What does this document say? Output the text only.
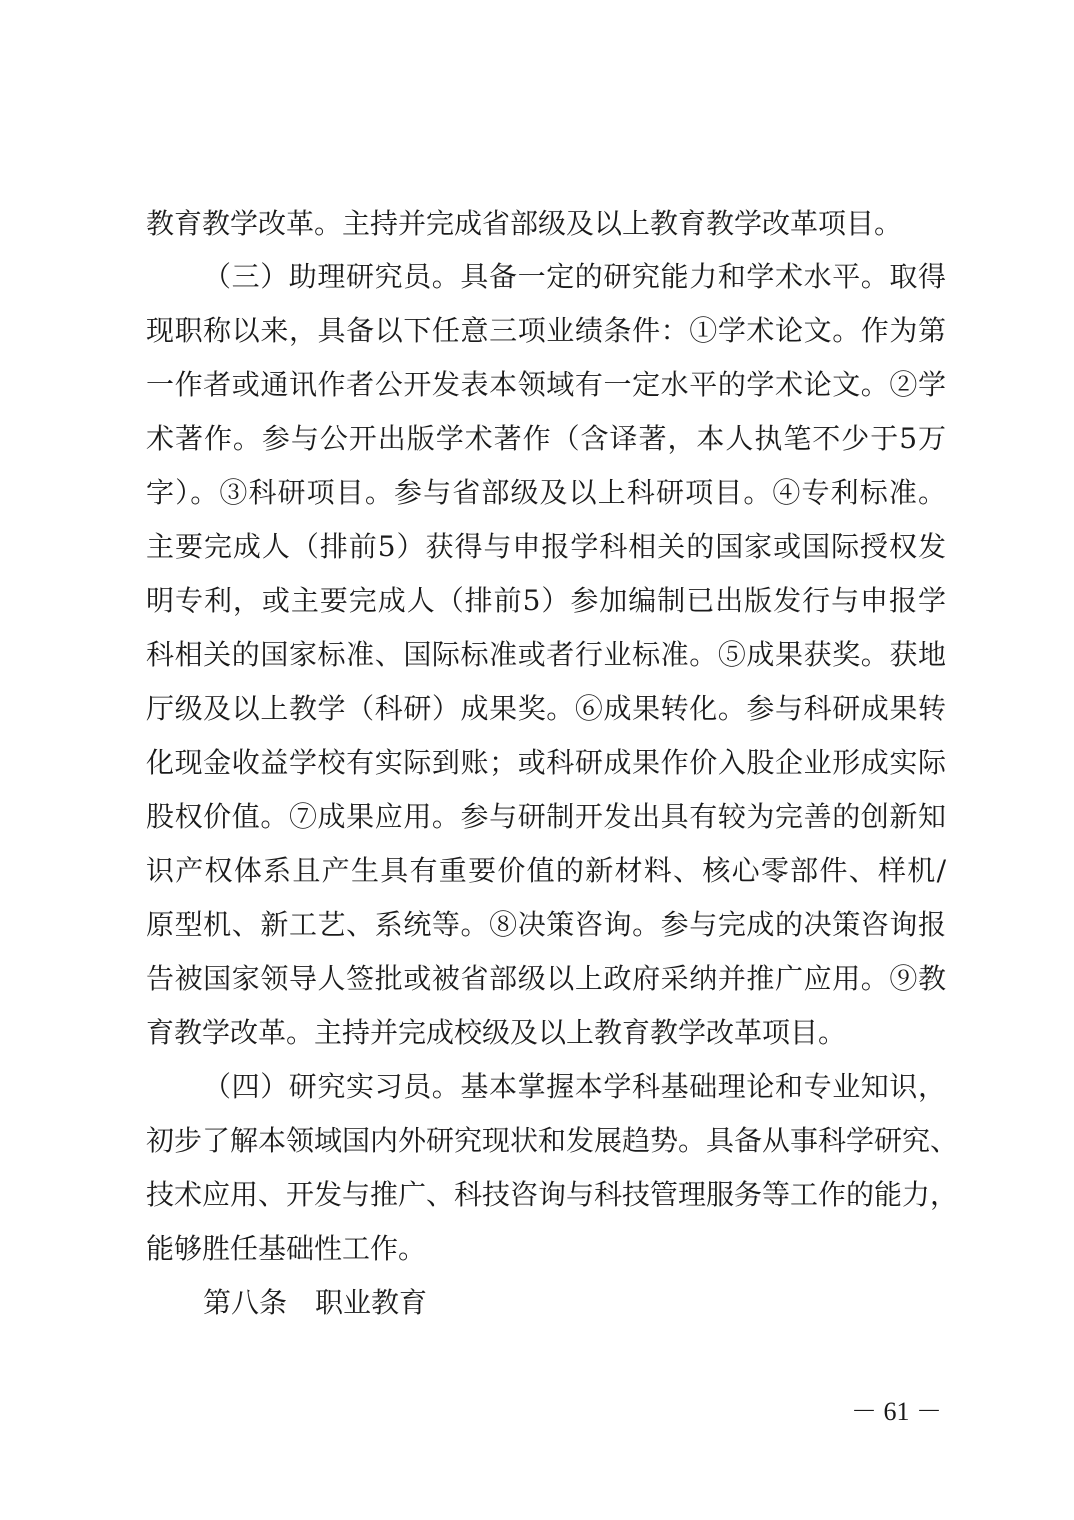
教育教学改革。主持并完成省部级及以上教育教学改革项目。
（三）助理研究员。具备一定的研究能力和学术水平。取得
现职称以来，具备以下任意三项业绩条件：①学术论文。作为第
一作者或通讯作者公开发表本领域有一定水平的学术论文。②学
术著作。参与公开出版学术著作（含译著，本人执笔不少于5万
字）。③科研项目。参与省部级及以上科研项目。④专利标准。
主要完成人（排前5）获得与申报学科相关的国家或国际授权发
明专利，或主要完成人（排前5）参加编制已出版发行与申报学
科相关的国家标准、国际标准或者行业标准。⑤成果获奖。获地
厅级及以上教学（科研）成果奖。⑥成果转化。参与科研成果转
化现金收益学校有实际到账；或科研成果作价入股企业形成实际
股权价值。⑦成果应用。参与研制开发出具有较为完善的创新知
识产权体系且产生具有重要价值的新材料、核心零部件、样机/
原型机、新工艺、系统等。⑧决策咨询。参与完成的决策咨询报
告被国家领导人签批或被省部级以上政府采纳并推广应用。⑨教
育教学改革。主持并完成校级及以上教育教学改革项目。
（四）研究实习员。基本掌握本学科基础理论和专业知识，
初步了解本领域国内外研究现状和发展趋势。具备从事科学研究、
技术应用、开发与推广、科技咨询与科技管理服务等工作的能力，
能够胜任基础性工作。
第八条　职业教育
－ 61 －
